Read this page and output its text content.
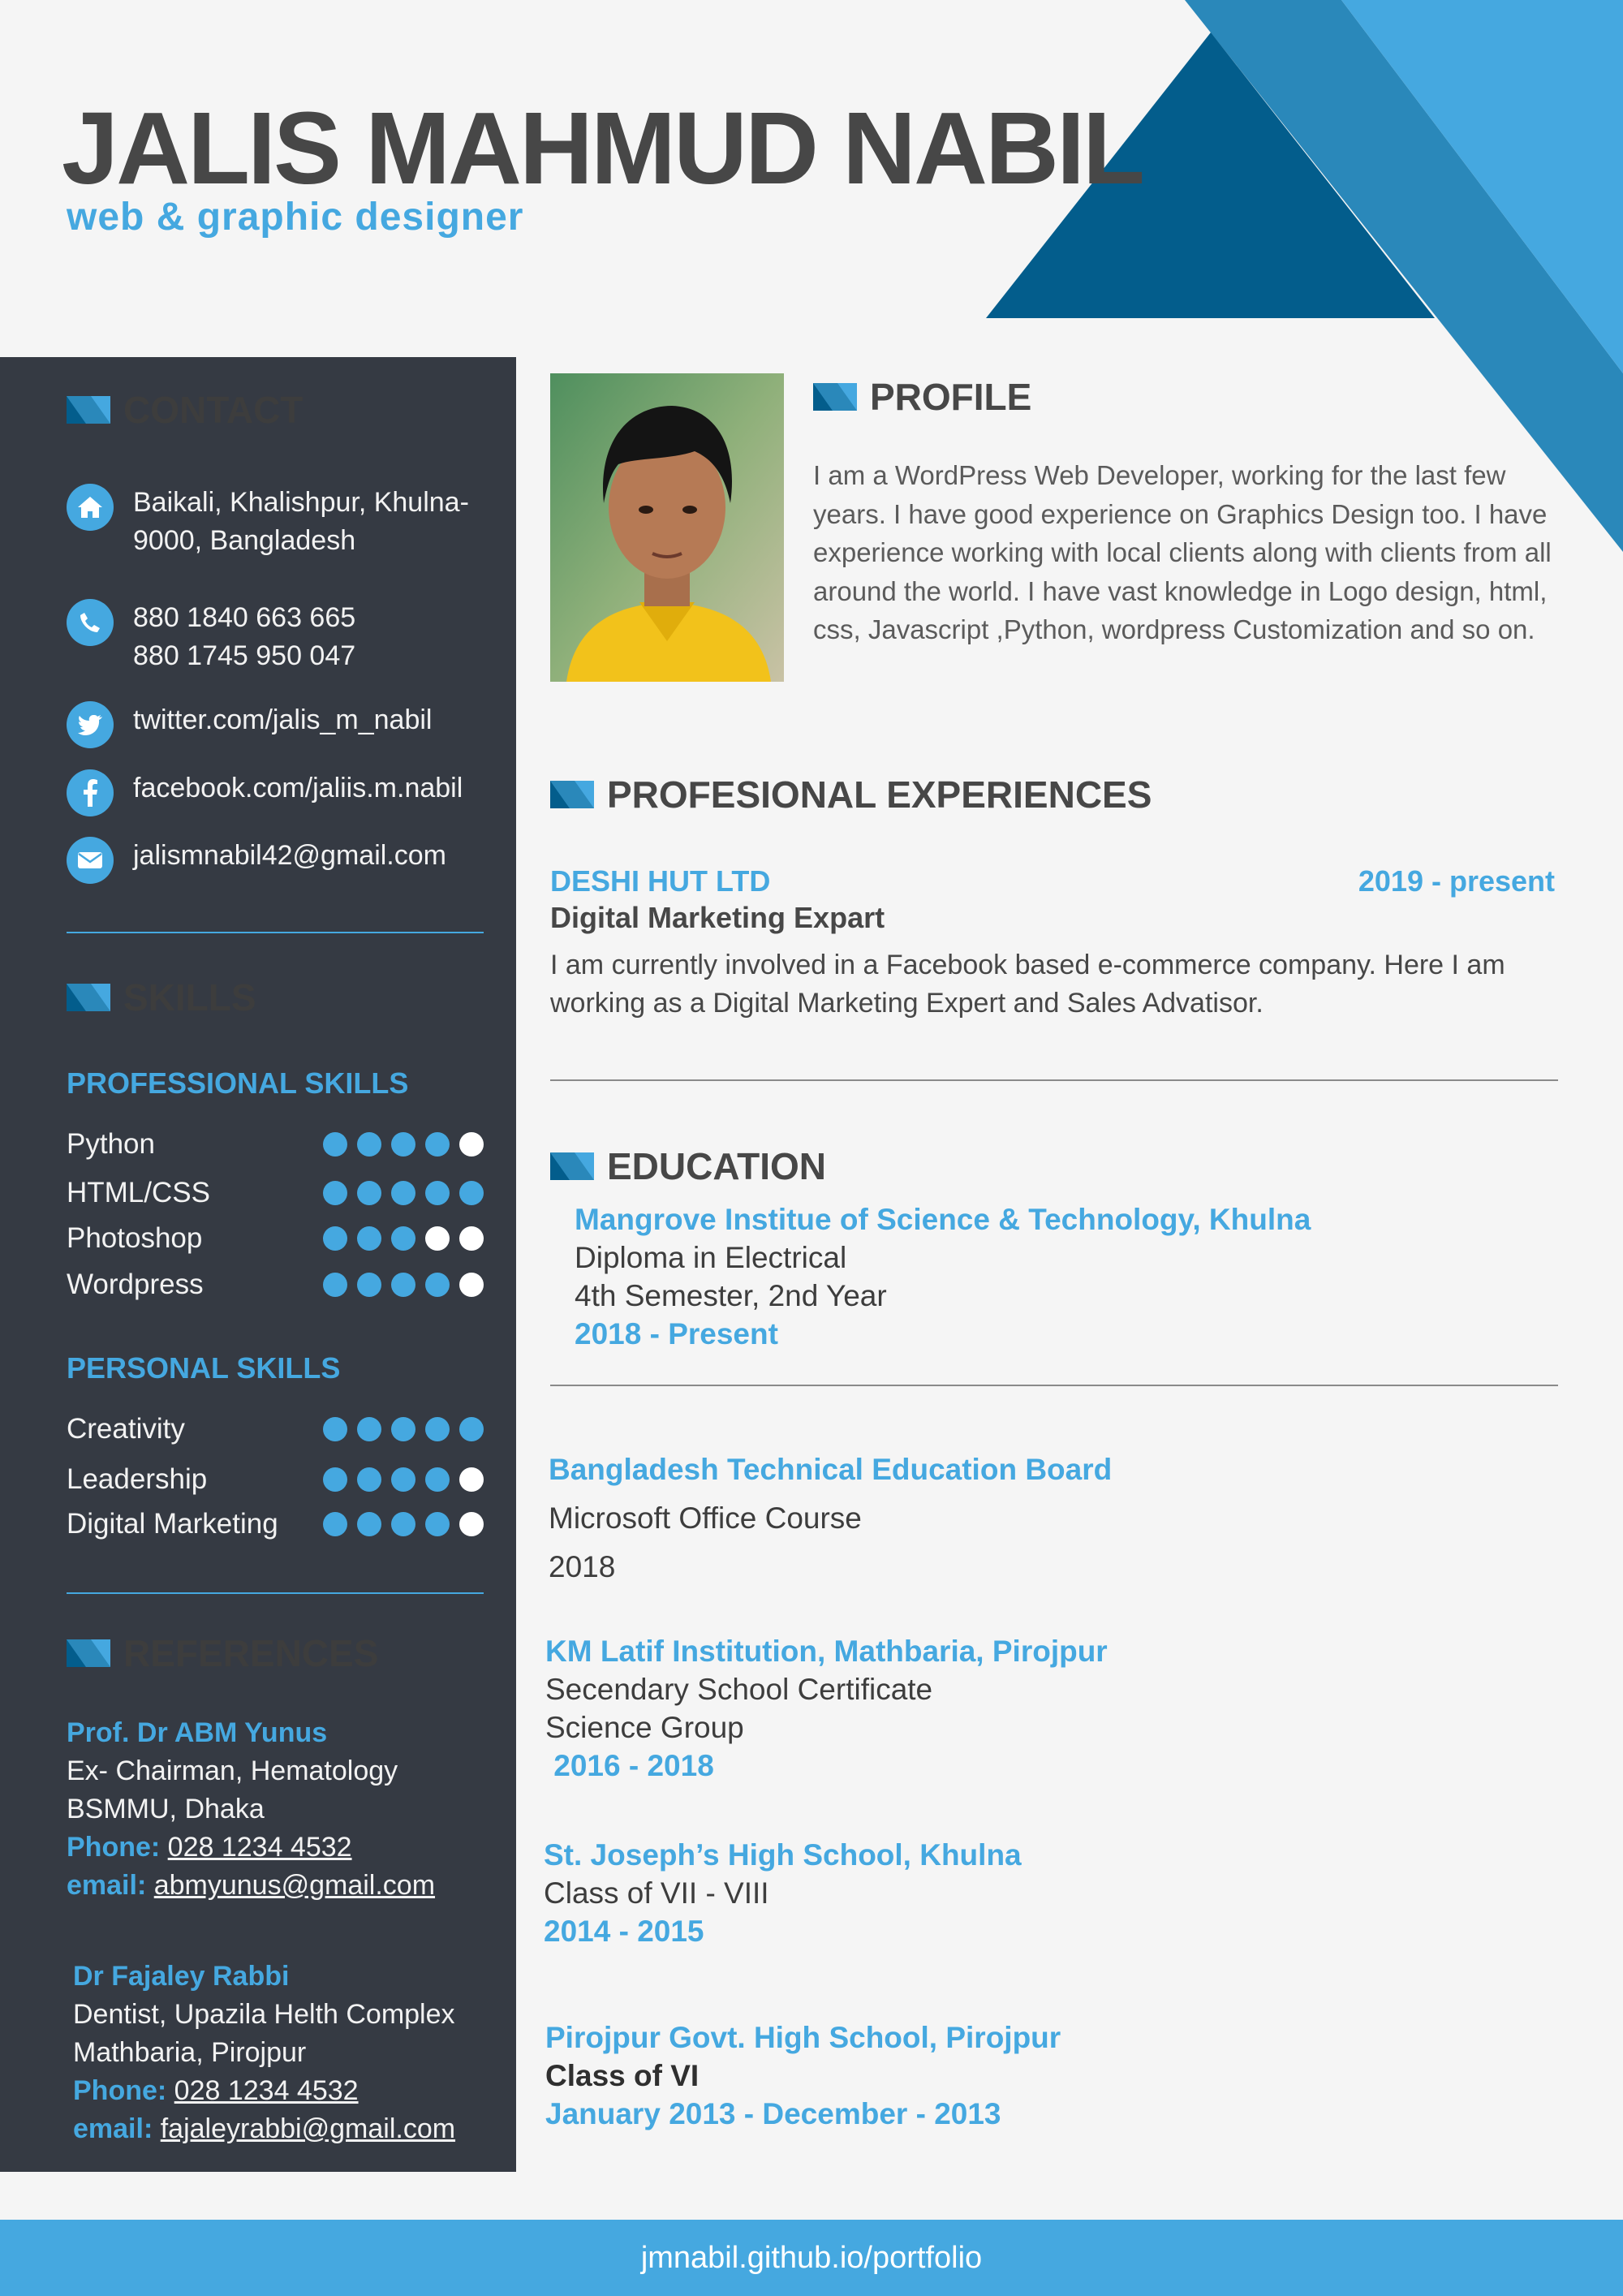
JALIS MAHMUD NABIL
web & graphic designer
CONTACT
Baikali, Khalishpur, Khulna-
9000, Bangladesh
880 1840 663 665
880 1745 950 047
twitter.com/jalis_m_nabil
facebook.com/jaliis.m.nabil
jalismnabil42@gmail.com
SKILLS
PROFESSIONAL SKILLS
Python
HTML/CSS
Photoshop
Wordpress
PERSONAL SKILLS
Creativity
Leadership
Digital Marketing
REFERENCES
Prof. Dr ABM Yunus
Ex- Chairman, Hematology
BSMMU, Dhaka
Phone: 028 1234 4532
email: abmyunus@gmail.com
Dr Fajaley Rabbi
Dentist, Upazila Helth Complex
Mathbaria, Pirojpur
Phone: 028 1234 4532
email: fajaleyrabbi@gmail.com
PROFILE
I am a WordPress Web Developer, working for the last few years. I have good experience on Graphics Design too. I have experience working with local clients along with clients from all around the world. I have vast knowledge in Logo design, html, css, Javascript ,Python, wordpress Customization and so on.
PROFESIONAL EXPERIENCES
DESHI HUT LTD	2019 - present
Digital Marketing Expart
I am currently involved in a Facebook based e-commerce company. Here I am working as a Digital Marketing Expert and Sales Advatisor.
EDUCATION
Mangrove Institue of Science & Technology, Khulna
Diploma in Electrical
4th Semester, 2nd Year
2018 - Present
Bangladesh Technical Education Board
Microsoft Office Course
2018
KM Latif Institution, Mathbaria, Pirojpur
Secendary School Certificate
Science Group
2016 - 2018
St. Joseph’s High School, Khulna
Class of VII - VIII
2014 - 2015
Pirojpur Govt. High School, Pirojpur
Class of VI
January 2013 - December - 2013
jmnabil.github.io/portfolio
